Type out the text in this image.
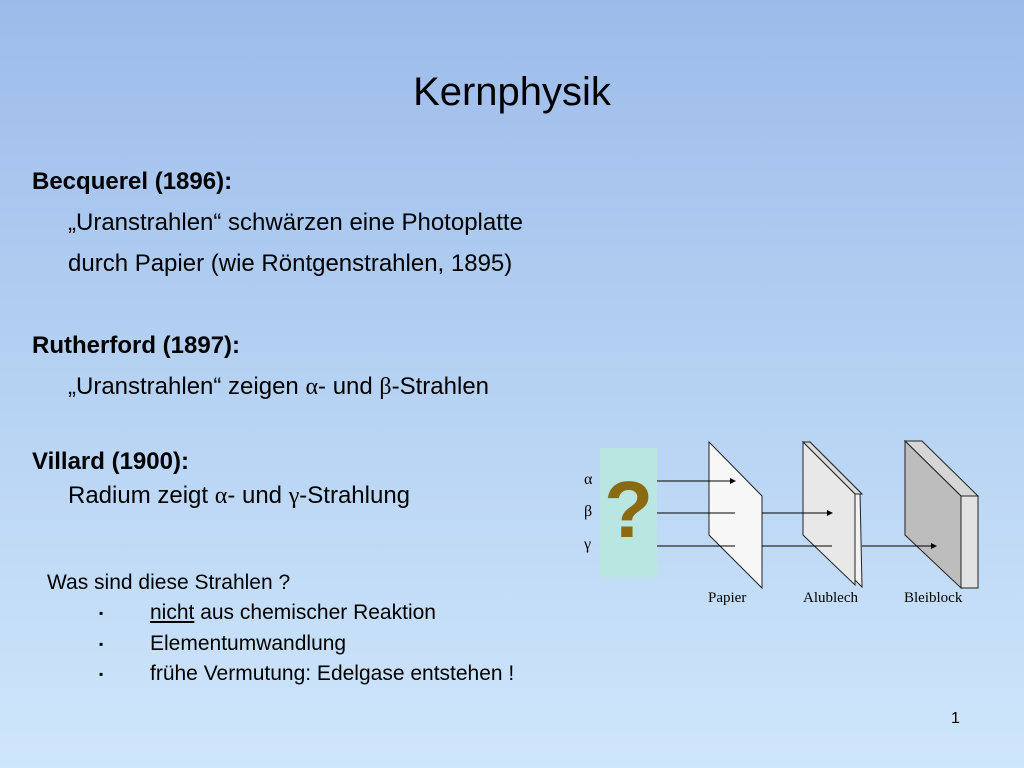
Kernphysik
Becquerel (1896):
„Uranstrahlen“ schwärzen eine Photoplatte
durch Papier (wie Röntgenstrahlen, 1895)
Rutherford (1897):
„Uranstrahlen“ zeigen α- und β-Strahlen
Villard (1900):
Radium zeigt α- und γ-Strahlung
Was sind diese Strahlen ?
▪ nicht aus chemischer Reaktion
▪ Elementumwandlung
▪ frühe Vermutung: Edelgase entstehen !
α
β
γ ?
Papier	Alublech	Bleiblock
1
